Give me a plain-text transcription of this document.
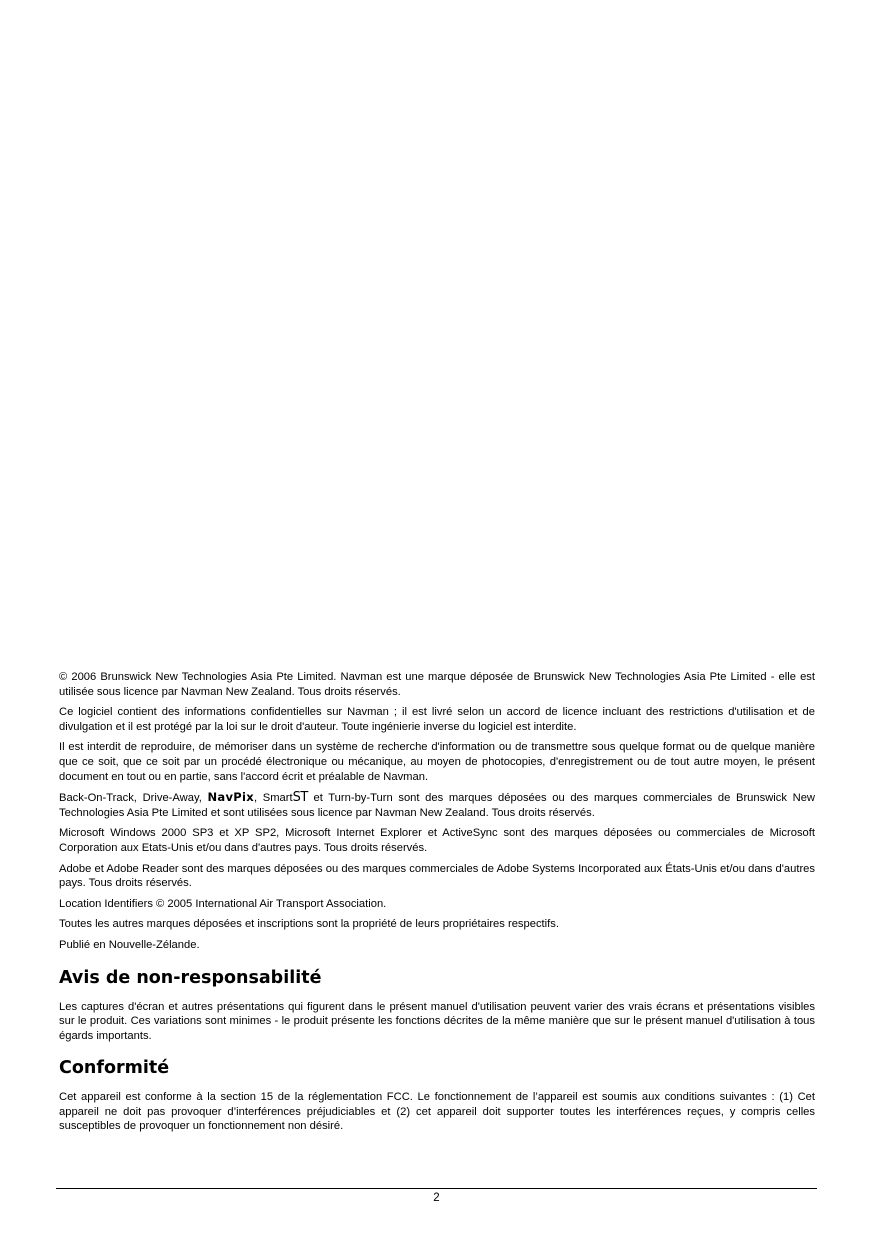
© 2006 Brunswick New Technologies Asia Pte Limited. Navman est une marque déposée de Brunswick New Technologies Asia Pte Limited - elle est utilisée sous licence par Navman New Zealand. Tous droits réservés.

Ce logiciel contient des informations confidentielles sur Navman ; il est livré selon un accord de licence incluant des restrictions d'utilisation et de divulgation et il est protégé par la loi sur le droit d'auteur. Toute ingénierie inverse du logiciel est interdite.

Il est interdit de reproduire, de mémoriser dans un système de recherche d'information ou de transmettre sous quelque format ou de quelque manière que ce soit, que ce soit par un procédé électronique ou mécanique, au moyen de photocopies, d'enregistrement ou de tout autre moyen, le présent document en tout ou en partie, sans l'accord écrit et préalable de Navman.

Back-On-Track, Drive-Away, NavPix, SmartST et Turn-by-Turn sont des marques déposées ou des marques commerciales de Brunswick New Technologies Asia Pte Limited et sont utilisées sous licence par Navman New Zealand. Tous droits réservés.

Microsoft Windows 2000 SP3 et XP SP2, Microsoft Internet Explorer et ActiveSync sont des marques déposées ou commerciales de Microsoft Corporation aux Etats-Unis et/ou dans d'autres pays. Tous droits réservés.

Adobe et Adobe Reader sont des marques déposées ou des marques commerciales de Adobe Systems Incorporated aux États-Unis et/ou dans d'autres pays. Tous droits réservés.

Location Identifiers © 2005 International Air Transport Association.

Toutes les autres marques déposées et inscriptions sont la propriété de leurs propriétaires respectifs.

Publié en Nouvelle-Zélande.

Avis de non-responsabilité

Les captures d'écran et autres présentations qui figurent dans le présent manuel d'utilisation peuvent varier des vrais écrans et présentations visibles sur le produit. Ces variations sont minimes - le produit présente les fonctions décrites de la même manière que sur le présent manuel d'utilisation à tous égards importants.

Conformité

Cet appareil est conforme à la section 15 de la réglementation FCC. Le fonctionnement de l’appareil est soumis aux conditions suivantes : (1) Cet appareil ne doit pas provoquer d’interférences préjudiciables et (2) cet appareil doit supporter toutes les interférences reçues, y compris celles susceptibles de provoquer un fonctionnement non désiré.

2
